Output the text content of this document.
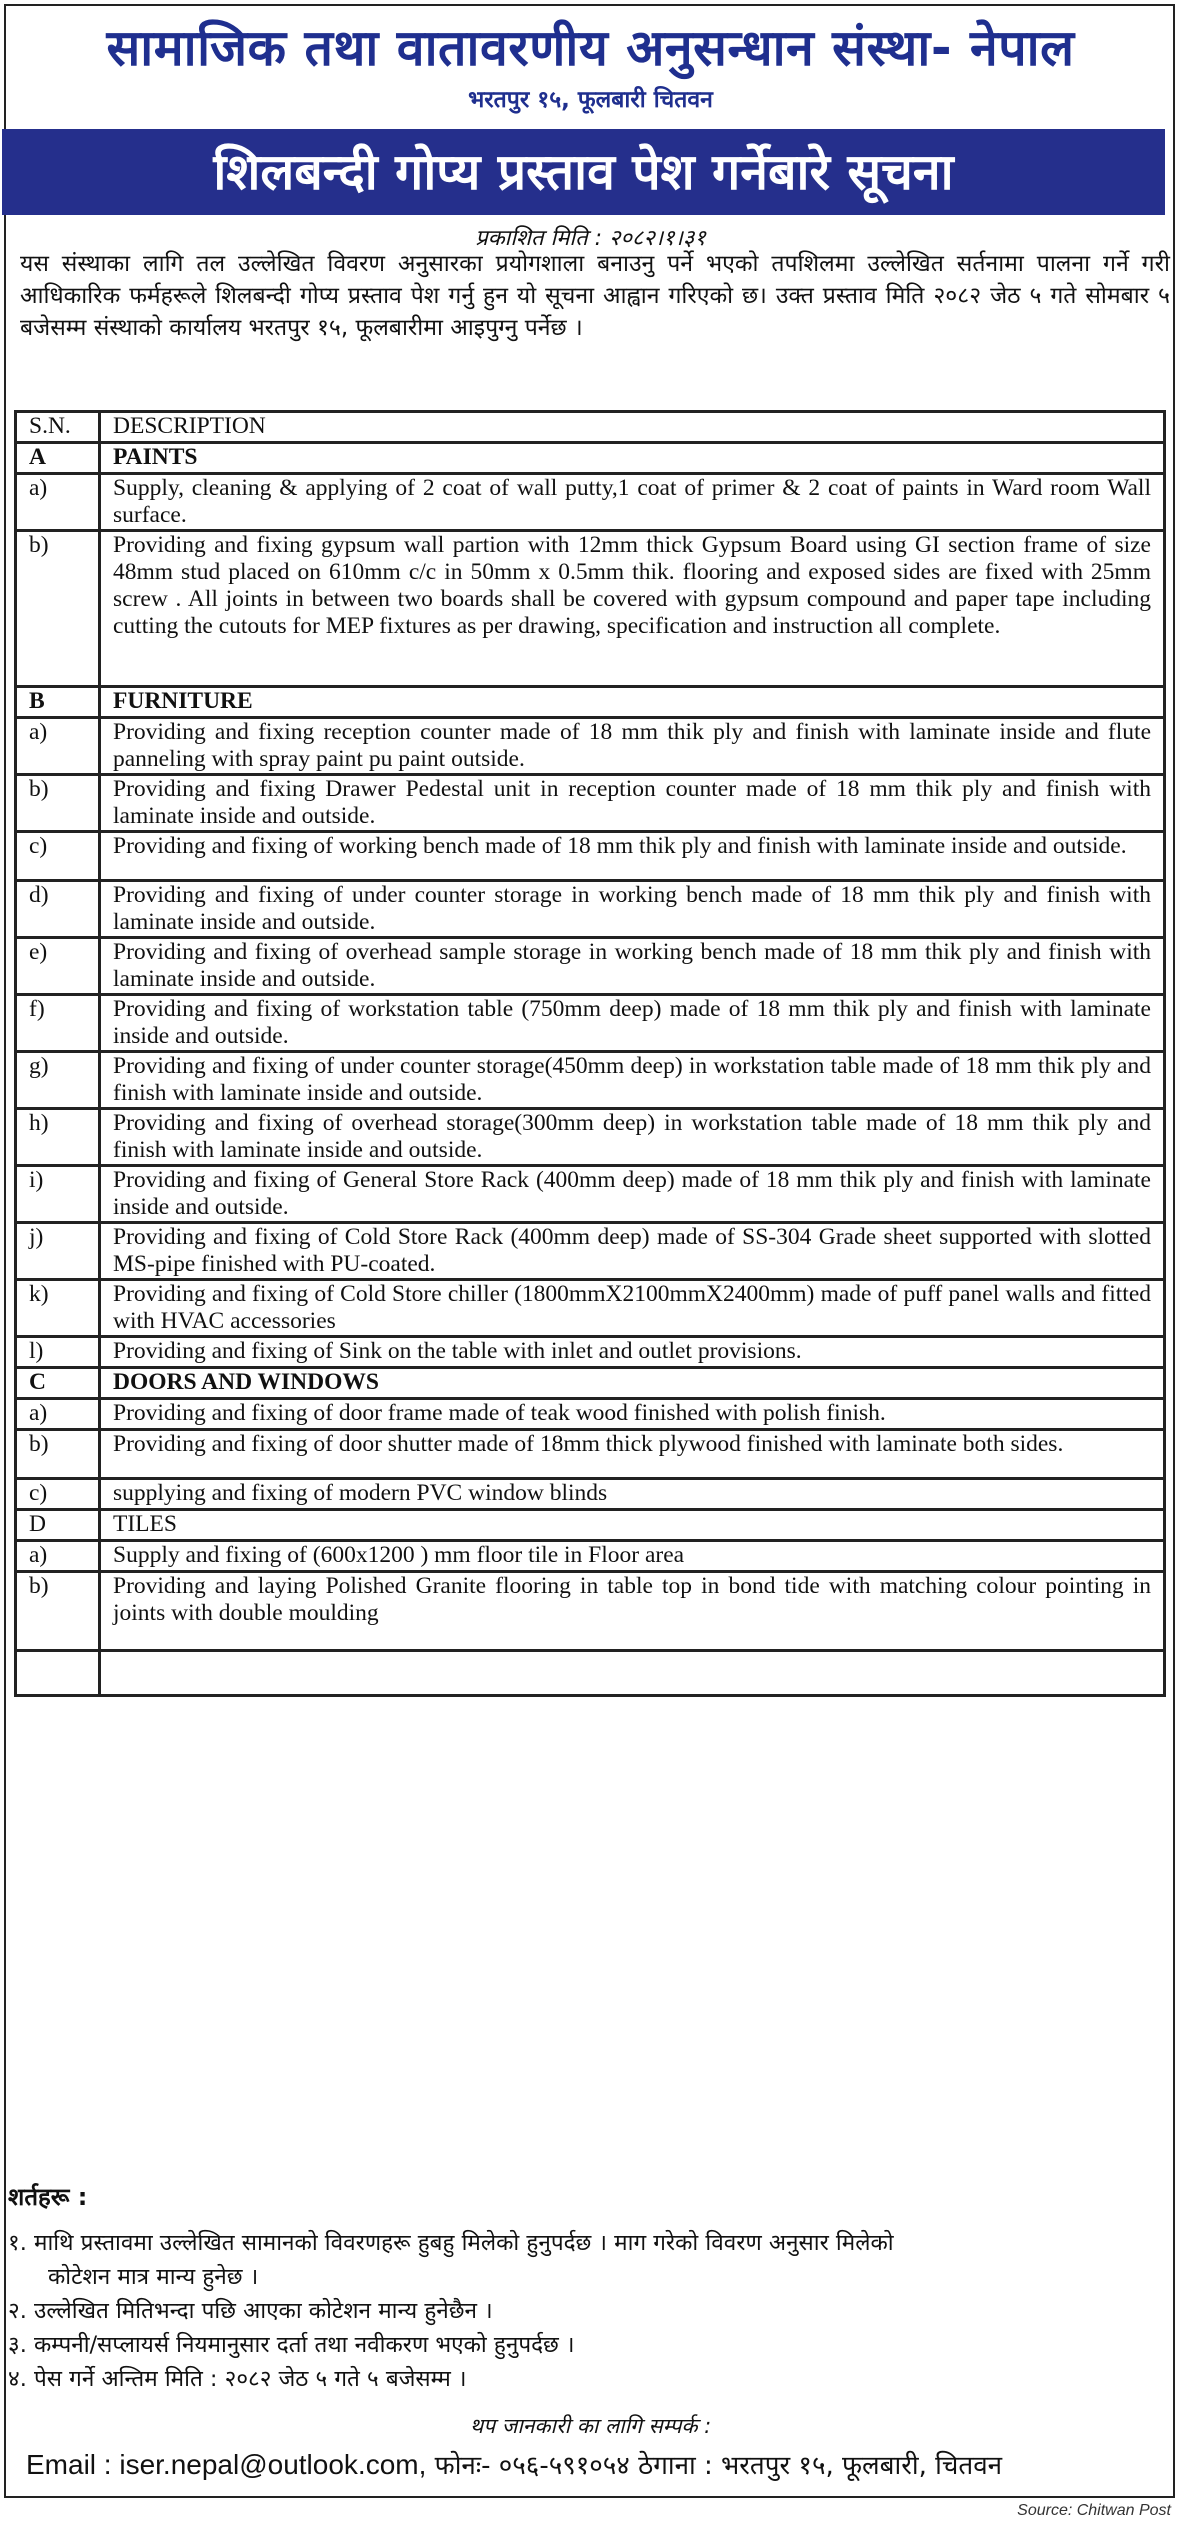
सामाजिक तथा वातावरणीय अनुसन्धान संस्था- नेपाल
भरतपुर १५, फूलबारी चितवन
शिलबन्दी गोप्य प्रस्ताव पेश गर्नेबारे सूचना
प्रकाशित मिति : २०८२।१।३१
यस संस्थाका लागि तल उल्लेखित विवरण अनुसारका प्रयोगशाला बनाउनु पर्ने भएको तपशिलमा उल्लेखित सर्तनामा पालना गर्ने गरी आधिकारिक फर्महरूले शिलबन्दी गोप्य प्रस्ताव पेश गर्नु हुन यो सूचना आह्वान गरिएको छ। उक्त प्रस्ताव मिति २०८२ जेठ ५ गते सोमबार ५ बजेसम्म संस्थाको कार्यालय भरतपुर १५, फूलबारीमा आइपुग्नु पर्नेछ ।
S.N.	DESCRIPTION
A	PAINTS
a)	Supply, cleaning & applying of 2 coat of wall putty,1 coat of primer & 2 coat of paints in Ward room Wall surface.
b)	Providing and fixing gypsum wall partion with 12mm thick Gypsum Board using GI section frame of size 48mm stud placed on 610mm c/c in 50mm x 0.5mm thik. flooring and exposed sides are fixed with 25mm screw . All joints in between two boards shall be covered with gypsum compound and paper tape including cutting the cutouts for MEP fixtures as per drawing, specification and instruction all complete.
B	FURNITURE
a)	Providing and fixing reception counter made of 18 mm thik ply and finish with laminate inside and flute panneling with spray paint pu paint outside.
b)	Providing and fixing Drawer Pedestal unit in reception counter made of 18 mm thik ply and finish with laminate inside and outside.
c)	Providing and fixing of working bench made of 18 mm thik ply and finish with laminate inside and outside.
d)	Providing and fixing of under counter storage in working bench made of 18 mm thik ply and finish with laminate inside and outside.
e)	Providing and fixing of overhead sample storage in working bench made of 18 mm thik ply and finish with laminate inside and outside.
f)	Providing and fixing of workstation table (750mm deep) made of 18 mm thik ply and finish with laminate inside and outside.
g)	Providing and fixing of under counter storage(450mm deep) in workstation table made of 18 mm thik ply and finish with laminate inside and outside.
h)	Providing and fixing of overhead storage(300mm deep) in workstation table made of 18 mm thik ply and finish with laminate inside and outside.
i)	Providing and fixing of General Store Rack (400mm deep) made of 18 mm thik ply and finish with laminate inside and outside.
j)	Providing and fixing of Cold Store Rack (400mm deep) made of SS-304 Grade sheet supported with slotted MS-pipe finished with PU-coated.
k)	Providing and fixing of Cold Store chiller (1800mmX2100mmX2400mm) made of puff panel walls and fitted with HVAC accessories
l)	Providing and fixing of Sink on the table with inlet and outlet provisions.
C	DOORS AND WINDOWS
a)	Providing and fixing of door frame made of teak wood finished with polish finish.
b)	Providing and fixing of door shutter made of 18mm thick plywood finished with laminate both sides.
c)	supplying and fixing of modern PVC window blinds
D	TILES
a)	Supply and fixing of (600x1200 ) mm floor tile in Floor area
b)	Providing and laying Polished Granite flooring in table top in bond tide with matching colour pointing in joints with double moulding

शर्तहरू :

१. माथि प्रस्तावमा उल्लेखित सामानको विवरणहरू हुबहु मिलेको हुनुपर्दछ । माग गरेको विवरण अनुसार मिलेको

कोटेशन मात्र मान्य हुनेछ ।

२. उल्लेखित मितिभन्दा पछि आएका कोटेशन मान्य हुनेछैन ।

३. कम्पनी/सप्लायर्स नियमानुसार दर्ता तथा नवीकरण भएको हुनुपर्दछ ।

४. पेस गर्ने अन्तिम मिति : २०८२ जेठ ५ गते ५ बजेसम्म ।

थप जानकारी का लागि सम्पर्क :
Email : iser.nepal@outlook.com, फोनः- ०५६-५९१०५४ ठेगाना : भरतपुर १५, फूलबारी, चितवन
Source: Chitwan Post
